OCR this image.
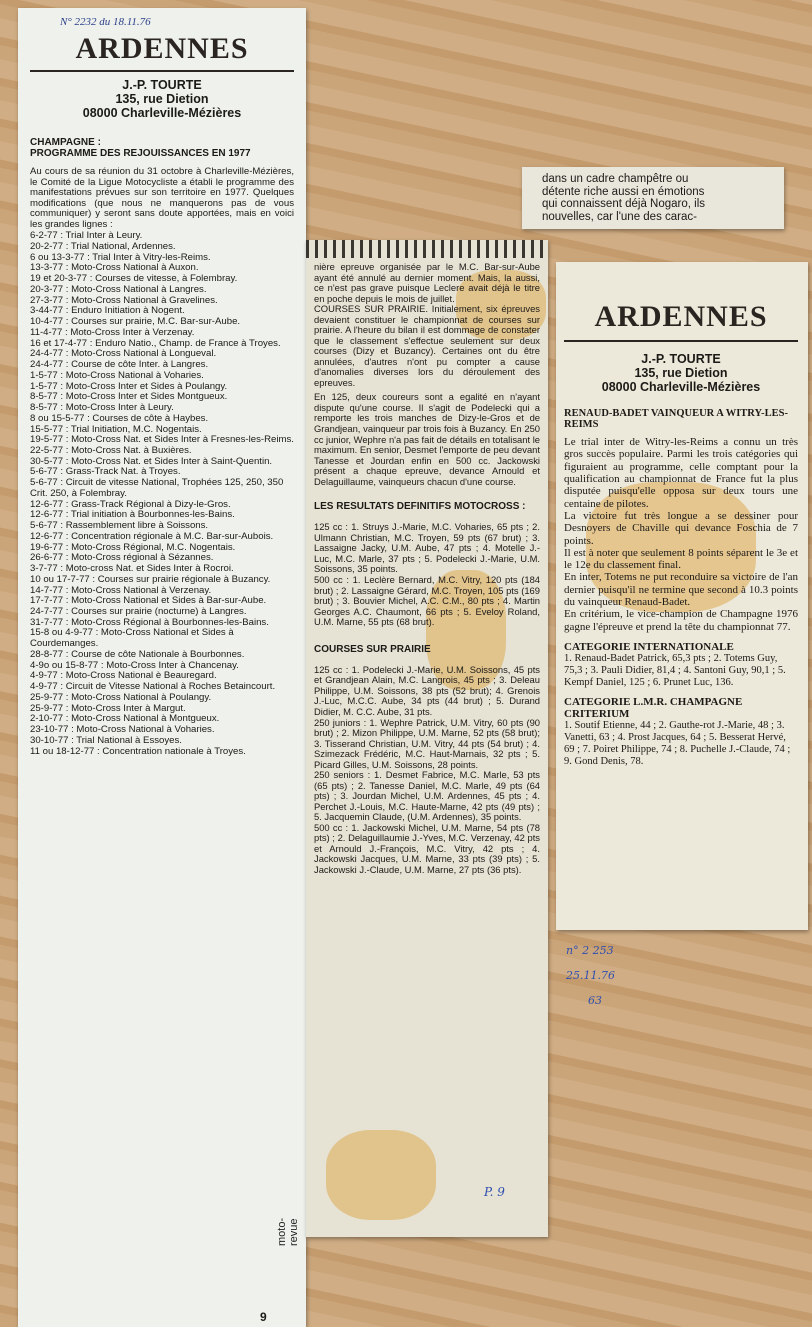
N° 2232 du 18.11.76
ARDENNES
J.-P. TOURTE
135, rue Dietion
08000 Charleville-Mézières
CHAMPAGNE :
PROGRAMME DES REJOUISSANCES EN 1977
Au cours de sa réunion du 31 octobre à Charleville-Mézières, le Comité de la Ligue Motocycliste a établi le programme des manifestations prévues sur son territoire en 1977. Quelques modifications (que nous ne manquerons pas de vous communiquer) y seront sans doute apportées, mais en voici les grandes lignes :
6-2-77 : Trial Inter à Leury.
20-2-77 : Trial National, Ardennes.
6 ou 13-3-77 : Trial Inter à Vitry-les-Reims.
13-3-77 : Moto-Cross National à Auxon.
19 et 20-3-77 : Courses de vitesse, à Folembray.
20-3-77 : Moto-Cross National à Langres.
27-3-77 : Moto-Cross National à Gravelines.
3-44-77 : Enduro Initiation à Nogent.
10-4-77 : Courses sur prairie, M.C. Bar-sur-Aube.
11-4-77 : Moto-Cross Inter à Verzenay.
16 et 17-4-77 : Enduro Natio., Champ. de France à Troyes.
24-4-77 : Moto-Cross National à Longueval.
24-4-77 : Course de côte Inter. à Langres.
1-5-77 : Moto-Cross National à Voharies.
1-5-77 : Moto-Cross Inter et Sides à Poulangy.
8-5-77 : Moto-Cross Inter et Sides Montgueux.
8-5-77 : Moto-Cross Inter à Leury.
8 ou 15-5-77 : Courses de côte à Haybes.
15-5-77 : Trial Initiation, M.C. Nogentais.
19-5-77 : Moto-Cross Nat. et Sides Inter à Fresnes-les-Reims.
22-5-77 : Moto-Cross Nat. à Buxières.
30-5-77 : Moto-Cross Nat. et Sides Inter à Saint-Quentin.
5-6-77 : Grass-Track Nat. à Troyes.
5-6-77 : Circuit de vitesse National, Trophées 125, 250, 350 Crit. 250, à Folembray.
12-6-77 : Grass-Track Régional à Dizy-le-Gros.
12-6-77 : Trial initiation à Bourbonnes-les-Bains.
5-6-77 : Rassemblement libre à Soissons.
12-6-77 : Concentration régionale à M.C. Bar-sur-Aubois.
19-6-77 : Moto-Cross Régional, M.C. Nogentais.
26-6-77 : Moto-Cross régional à Sézannes.
3-7-77 : Moto-cross Nat. et Sides Inter à Rocroi.
10 ou 17-7-77 : Courses sur prairie régionale à Buzancy.
14-7-77 : Moto-Cross National à Verzenay.
17-7-77 : Moto-Cross National et Sides à Bar-sur-Aube.
24-7-77 : Courses sur prairie (nocturne) à Langres.
31-7-77 : Moto-Cross Régional à Bourbonnes-les-Bains.
15-8 ou 4-9-77 : Moto-Cross National et Sides à Courdemanges.
28-8-77 : Course de côte Nationale à Bourbonnes.
4-9o ou 15-8-77 : Moto-Cross Inter à Chancenay.
4-9-77 : Moto-Cross National è Beauregard.
4-9-77 : Circuit de Vitesse National à Roches Betaincourt.
25-9-77 : Moto-Cross National à Poulangy.
25-9-77 : Moto-Cross Inter à Margut.
2-10-77 : Moto-Cross National à Montgueux.
23-10-77 : Moto-Cross National à Voharies.
30-10-77 : Trial National à Essoyes.
11 ou 18-12-77 : Concentration nationale à Troyes.
moto-revue
9
dans un cadre champêtre ou
détente riche aussi en émotions
qui connaissent déjà Nogaro, ils
nouvelles, car l'une des carac-

nière epreuve organisée par le M.C. Bar-sur-Aube ayant été annulé au dernier moment. Mais, la aussi, ce n'est pas grave puisque Leclere avait déjà le titre en poche depuis le mois de juillet.

COURSES SUR PRAIRIE. Initialement, six épreuves devaient constituer le championnat de courses sur prairie. A l'heure du bilan il est dommage de constater que le classement s'effectue seulement sur deux courses (Dizy et Buzancy). Certaines ont du être annulées, d'autres n'ont pu compter a cause d'anomalies diverses lors du déroulement des epreuves.

En 125, deux coureurs sont a egalité en n'ayant dispute qu'une course. Il s'agit de Podelecki qui a remporte les trois manches de Dizy-le-Gros et de Grandjean, vainqueur par trois fois à Buzancy. En 250 cc junior, Wephre n'a pas fait de détails en totalisant le maximum. En senior, Desmet l'emporte de peu devant Tanesse et Jourdan enfin en 500 cc. Jackowski présent a chaque epreuve, devance Arnould et Delaguillaume, vainqueurs chacun d'une course.

LES RESULTATS DEFINITIFS MOTOCROSS :

125 cc : 1. Struys J.-Marie, M.C. Voharies, 65 pts ; 2. Ulmann Christian, M.C. Troyen, 59 pts (67 brut) ; 3. Lassaigne Jacky, U.M. Aube, 47 pts ; 4. Motelle J.-Luc, M.C. Marle, 37 pts ; 5. Podelecki J.-Marie, U.M. Soissons, 35 points.

500 cc : 1. Leclère Bernard, M.C. Vitry, 120 pts (184 brut) ; 2. Lassaigne Gérard, M.C. Troyen, 105 pts (169 brut) ; 3. Bouvier Michel, A.C. C.M., 80 pts ; 4. Martin Georges A.C. Chaumont, 66 pts ; 5. Eveloy Roland, U.M. Marne, 55 pts (68 brut).

COURSES SUR PRAIRIE

125 cc : 1. Podelecki J.-Marie, U.M. Soissons, 45 pts et Grandjean Alain, M.C. Langrois, 45 pts ; 3. Deleau Philippe, U.M. Soissons, 38 pts (52 brut); 4. Grenois J.-Luc, M.C.C. Aube, 34 pts (44 brut) ; 5. Durand Didier, M. C.C. Aube, 31 pts.

250 juniors : 1. Wephre Patrick, U.M. Vitry, 60 pts (90 brut) ; 2. Mizon Philippe, U.M. Marne, 52 pts (58 brut); 3. Tisserand Christian, U.M. Vitry, 44 pts (54 brut) ; 4. Szimezack Frédéric, M.C. Haut-Marnais, 32 pts ; 5. Picard Gilles, U.M. Soissons, 28 points.

250 seniors : 1. Desmet Fabrice, M.C. Marle, 53 pts (65 pts) ; 2. Tanesse Daniel, M.C. Marle, 49 pts (64 pts) ; 3. Jourdan Michel, U.M. Ardennes, 45 pts ; 4. Perchet J.-Louis, M.C. Haute-Marne, 42 pts (49 pts) ; 5. Jacquemin Claude, (U.M. Ardennes), 35 points.

500 cc : 1. Jackowski Michel, U.M. Marne, 54 pts (78 pts) ; 2. Delaguillaumie J.-Yves, M.C. Verzenay, 42 pts et Arnould J.-François, M.C. Vitry, 42 pts ; 4. Jackowski Jacques, U.M. Marne, 33 pts (39 pts) ; 5. Jackowski J.-Claude, U.M. Marne, 27 pts (36 pts).

P. 9
ARDENNES
J.-P. TOURTE
135, rue Dietion
08000 Charleville-Mézières
RENAUD-BADET VAINQUEUR A WITRY-LES-REIMS

Le trial inter de Witry-les-Reims a connu un très gros succès populaire. Parmi les trois catégories qui figuraient au programme, celle comptant pour la qualification au championnat de France fut la plus disputée puisqu'elle opposa sur deux tours une centaine de pilotes.

La victoire fut très longue a se dessiner pour Desnoyers de Chaville qui devance Foschia de 7 points.

Il est à noter que seulement 8 points séparent le 3e et le 12e du classement final.

En inter, Totems ne put reconduire sa victoire de l'an dernier puisqu'il ne termine que second à 10.3 points du vainqueur Renaud-Badet.

En critérium, le vice-champion de Champagne 1976 gagne l'épreuve et prend la tête du championnat 77.

CATEGORIE INTERNATIONALE
1. Renaud-Badet Patrick, 65,3 pts ; 2. Totems Guy, 75,3 ; 3. Pauli Didier, 81,4 ; 4. Santoni Guy, 90,1 ; 5. Kempf Daniel, 125 ; 6. Prunet Luc, 136.
CATEGORIE L.M.R. CHAMPAGNE CRITERIUM
1. Soutif Etienne, 44 ; 2. Gauthe-rot J.-Marie, 48 ; 3. Vanetti, 63 ; 4. Prost Jacques, 64 ; 5. Besserat Hervé, 69 ; 7. Poiret Philippe, 74 ; 8. Puchelle J.-Claude, 74 ; 9. Gond Denis, 78.
n° 2 253
25.11.76
63
